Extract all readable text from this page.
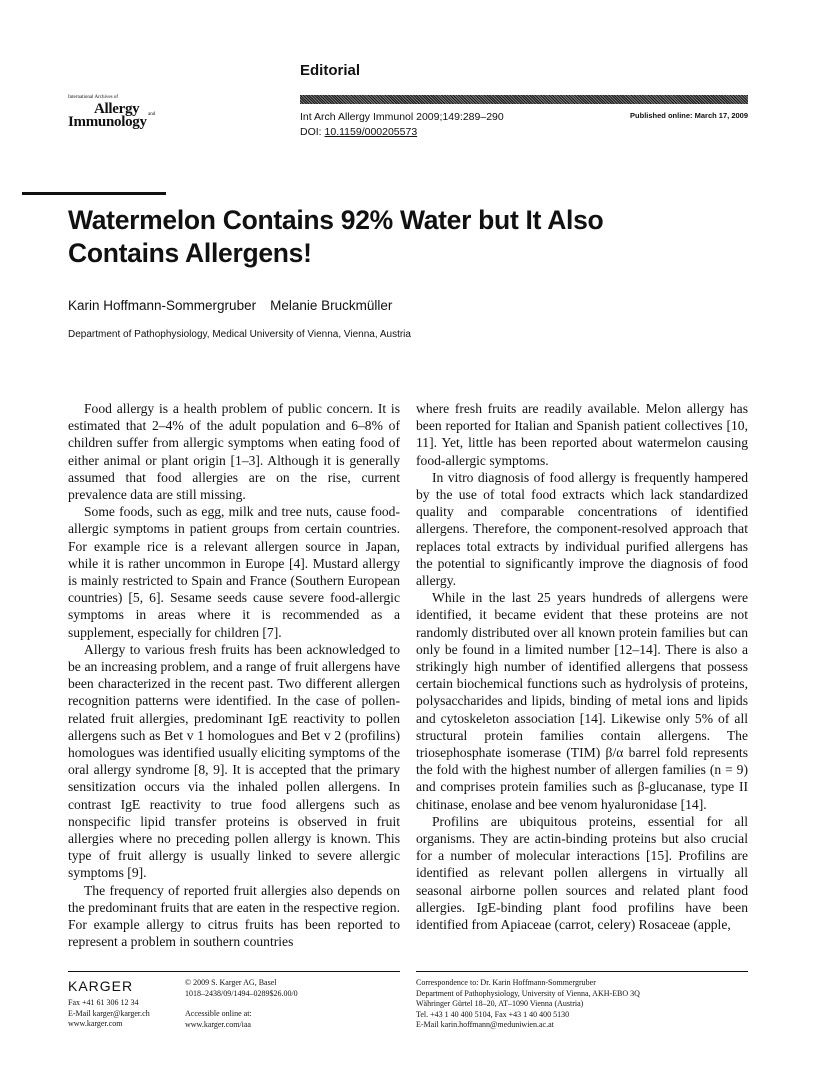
Editorial
International Archives of
Allergy and
Immunology	Int Arch Allergy Immunol 2009;149:289–290
DOI: 10.1159/000205573
Published online: March 17, 2009
Watermelon Contains 92% Water but It Also Contains Allergens!
Karin Hoffmann-Sommergruber Melanie Bruckmüller
Department of Pathophysiology, Medical University of Vienna, Vienna, Austria

Food allergy is a health problem of public concern. It is estimated that 2–4% of the adult population and 6–8% of children suffer from allergic symptoms when eating food of either animal or plant origin [1–3]. Although it is generally assumed that food allergies are on the rise, current prevalence data are still missing.

Some foods, such as egg, milk and tree nuts, cause food-allergic symptoms in patient groups from certain countries. For example rice is a relevant allergen source in Japan, while it is rather uncommon in Europe [4]. Mustard allergy is mainly restricted to Spain and France (Southern European countries) [5, 6]. Sesame seeds cause severe food-allergic symptoms in areas where it is recommended as a supplement, especially for children [7].

Allergy to various fresh fruits has been acknowledged to be an increasing problem, and a range of fruit allergens have been characterized in the recent past. Two different allergen recognition patterns were identified. In the case of pollen-related fruit allergies, predominant IgE reactivity to pollen allergens such as Bet v 1 homologues and Bet v 2 (profilins) homologues was identified usually eliciting symptoms of the oral allergy syndrome [8, 9]. It is accepted that the primary sensitization occurs via the inhaled pollen allergens. In contrast IgE reactivity to true food allergens such as nonspecific lipid transfer proteins is observed in fruit allergies where no preceding pollen allergy is known. This type of fruit allergy is usually linked to severe allergic symptoms [9].

The frequency of reported fruit allergies also depends on the predominant fruits that are eaten in the respective region. For example allergy to citrus fruits has been reported to represent a problem in southern countries

where fresh fruits are readily available. Melon allergy has been reported for Italian and Spanish patient collectives [10, 11]. Yet, little has been reported about watermelon causing food-allergic symptoms.

In vitro diagnosis of food allergy is frequently hampered by the use of total food extracts which lack standardized quality and comparable concentrations of identified allergens. Therefore, the component-resolved approach that replaces total extracts by individual purified allergens has the potential to significantly improve the diagnosis of food allergy.

While in the last 25 years hundreds of allergens were identified, it became evident that these proteins are not randomly distributed over all known protein families but can only be found in a limited number [12–14]. There is also a strikingly high number of identified allergens that possess certain biochemical functions such as hydrolysis of proteins, polysaccharides and lipids, binding of metal ions and lipids and cytoskeleton association [14]. Likewise only 5% of all structural protein families contain allergens. The triosephosphate isomerase (TIM) β/α barrel fold represents the fold with the highest number of allergen families (n = 9) and comprises protein families such as β-glucanase, type II chitinase, enolase and bee venom hyaluronidase [14].

Profilins are ubiquitous proteins, essential for all organisms. They are actin-binding proteins but also crucial for a number of molecular interactions [15]. Profilins are identified as relevant pollen allergens in virtually all seasonal airborne pollen sources and related plant food allergies. IgE-binding plant food profilins have been identified from Apiaceae (carrot, celery) Rosaceae (apple,

KARGER
Fax +41 61 306 12 34
E-Mail karger@karger.ch
www.karger.com
© 2009 S. Karger AG, Basel
1018–2438/09/1494–0289$26.00/0
Accessible online at:
www.karger.com/iaa
Correspondence to: Dr. Karin Hoffmann-Sommergruber
Department of Pathophysiology, University of Vienna, AKH-EBO 3Q
Währinger Gürtel 18–20, AT–1090 Vienna (Austria)
Tel. +43 1 40 400 5104, Fax +43 1 40 400 5130
E-Mail karin.hoffmann@meduniwien.ac.at
